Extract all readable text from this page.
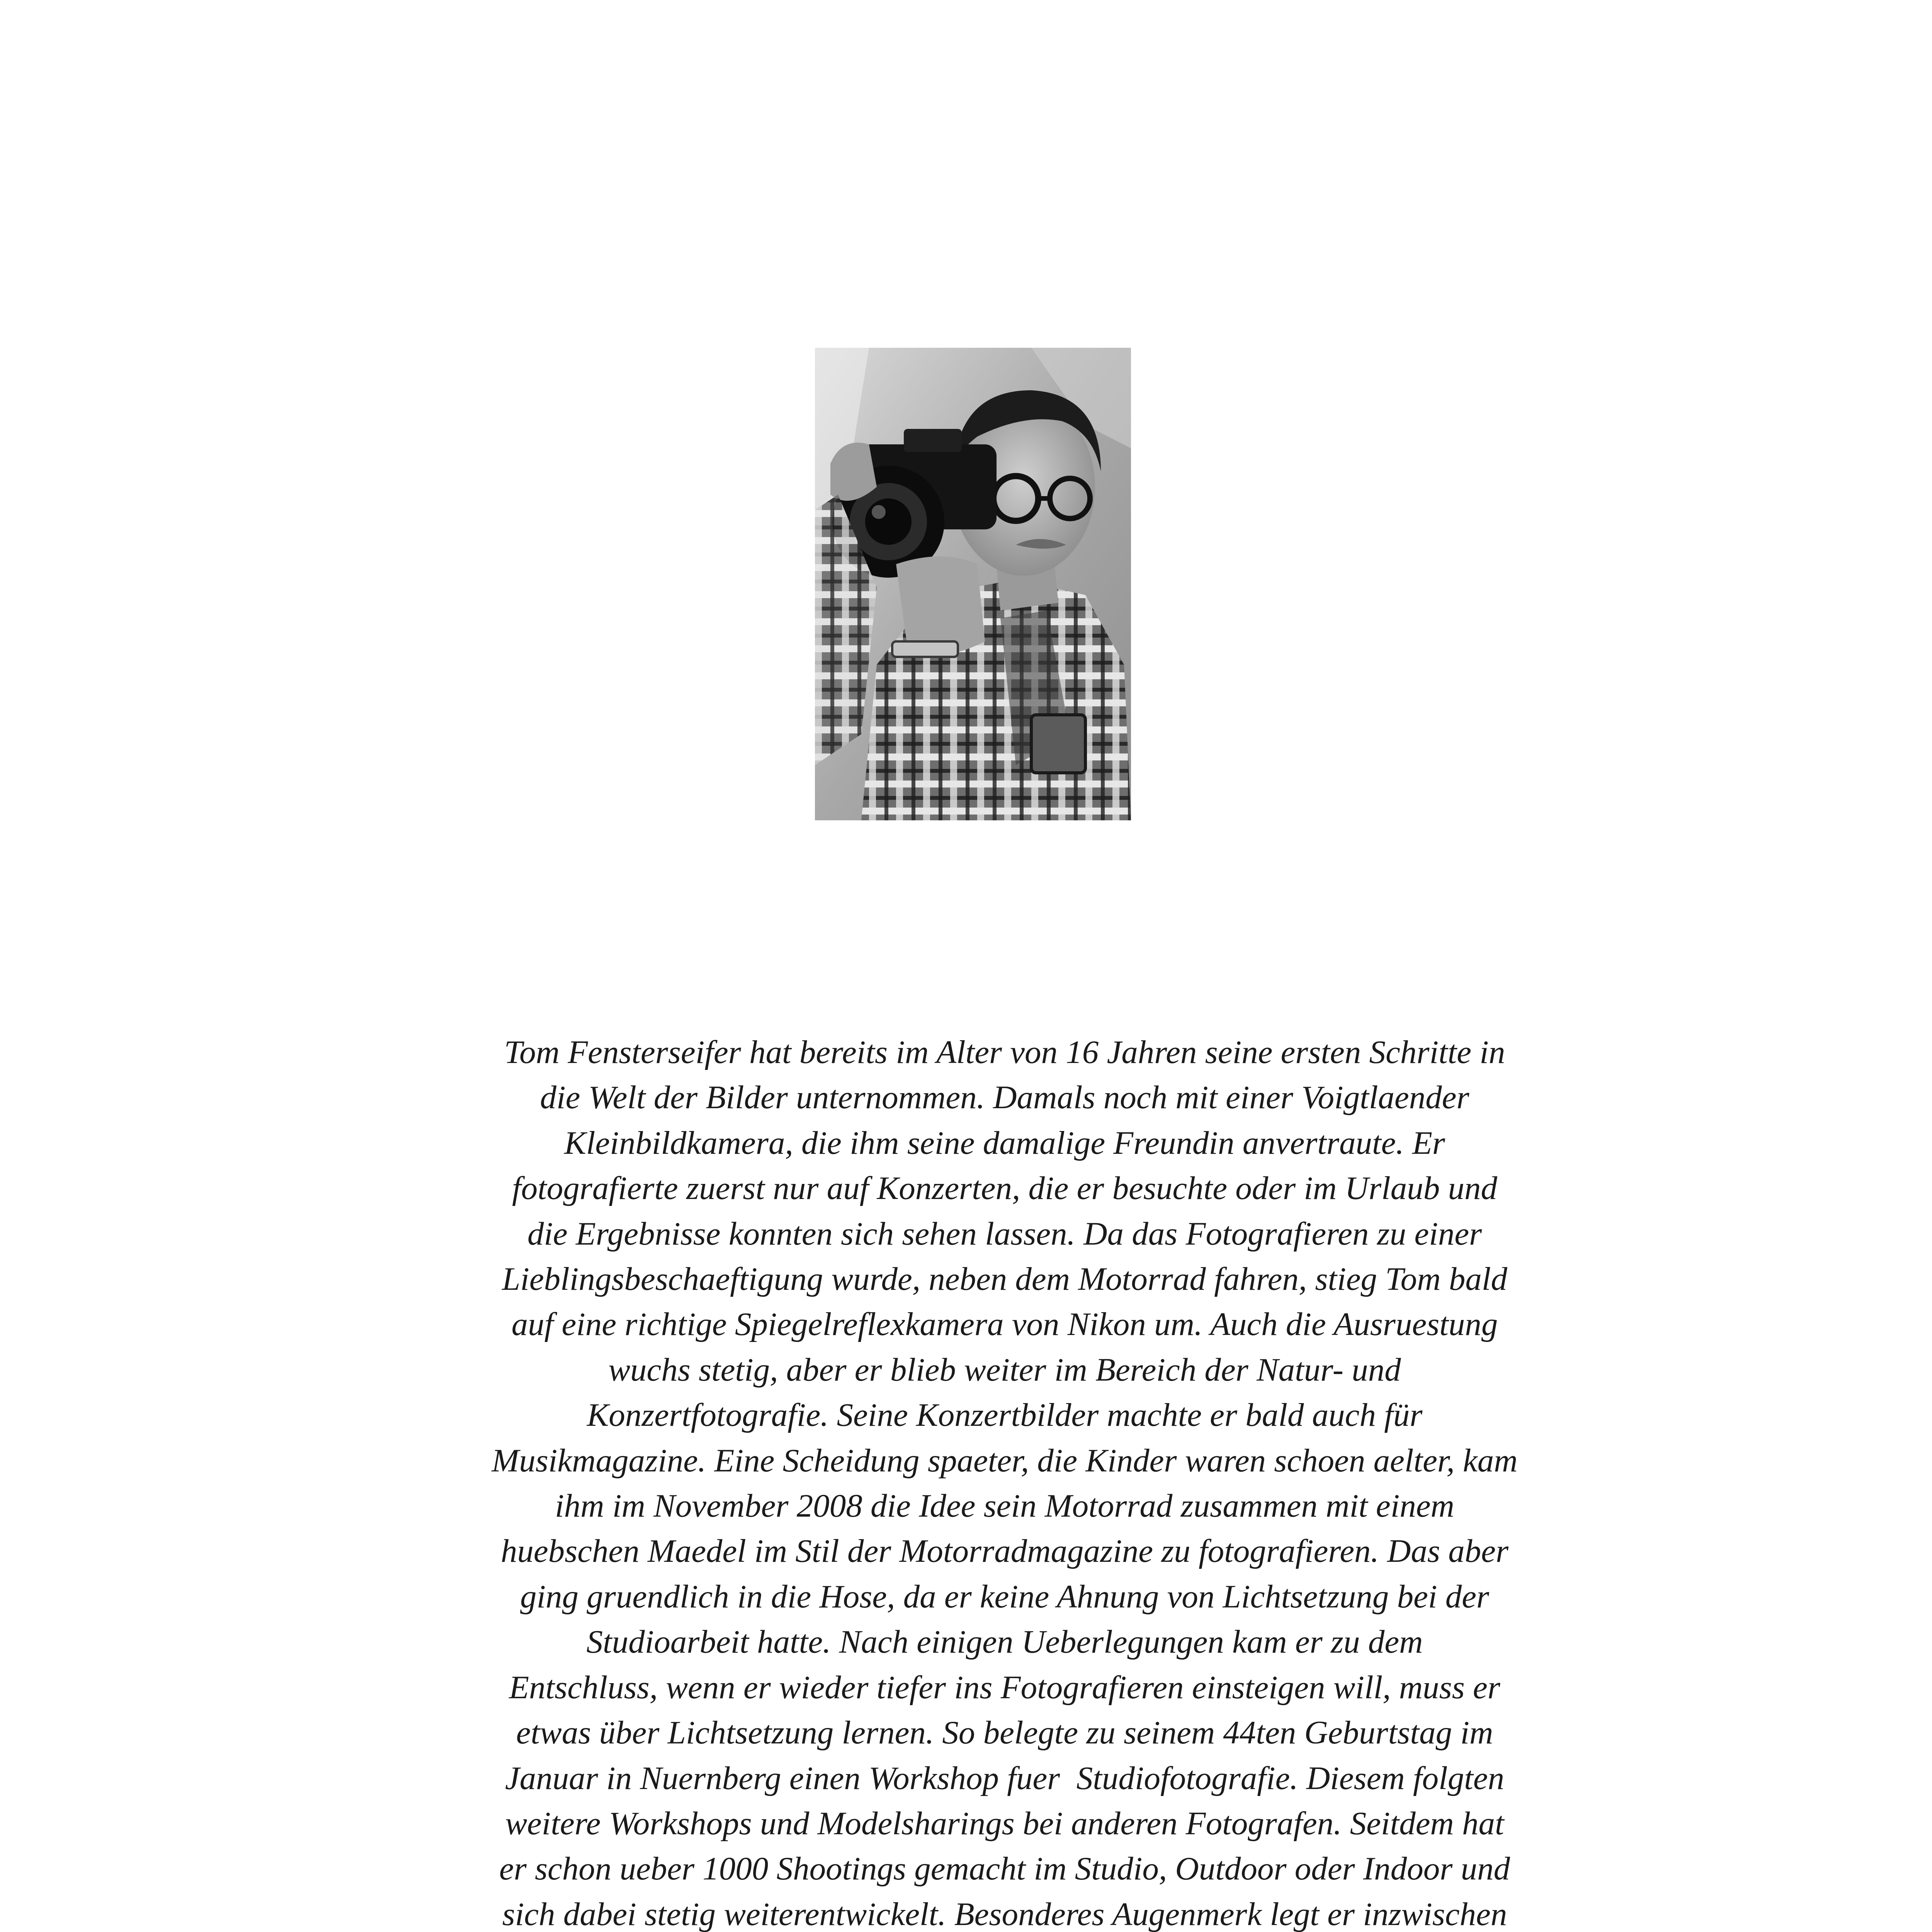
Tom Fensterseifer hat bereits im Alter von 16 Jahren seine ersten Schritte in
die Welt der Bilder unternommen. Damals noch mit einer Voigtlaender
Kleinbildkamera, die ihm seine damalige Freundin anvertraute. Er
fotografierte zuerst nur auf Konzerten, die er besuchte oder im Urlaub und
die Ergebnisse konnten sich sehen lassen. Da das Fotografieren zu einer
Lieblingsbeschaeftigung wurde, neben dem Motorrad fahren, stieg Tom bald
auf eine richtige Spiegelreflexkamera von Nikon um. Auch die Ausruestung
wuchs stetig, aber er blieb weiter im Bereich der Natur- und
Konzertfotografie. Seine Konzertbilder machte er bald auch für
Musikmagazine. Eine Scheidung spaeter, die Kinder waren schoen aelter, kam
ihm im November 2008 die Idee sein Motorrad zusammen mit einem
huebschen Maedel im Stil der Motorradmagazine zu fotografieren. Das aber
ging gruendlich in die Hose, da er keine Ahnung von Lichtsetzung bei der
Studioarbeit hatte. Nach einigen Ueberlegungen kam er zu dem
Entschluss, wenn er wieder tiefer ins Fotografieren einsteigen will, muss er
etwas über Lichtsetzung lernen. So belegte zu seinem 44ten Geburtstag im
Januar in Nuernberg einen Workshop fuer  Studiofotografie. Diesem folgten
weitere Workshops und Modelsharings bei anderen Fotografen. Seitdem hat
er schon ueber 1000 Shootings gemacht im Studio, Outdoor oder Indoor und
sich dabei stetig weiterentwickelt. Besonderes Augenmerk legt er inzwischen
